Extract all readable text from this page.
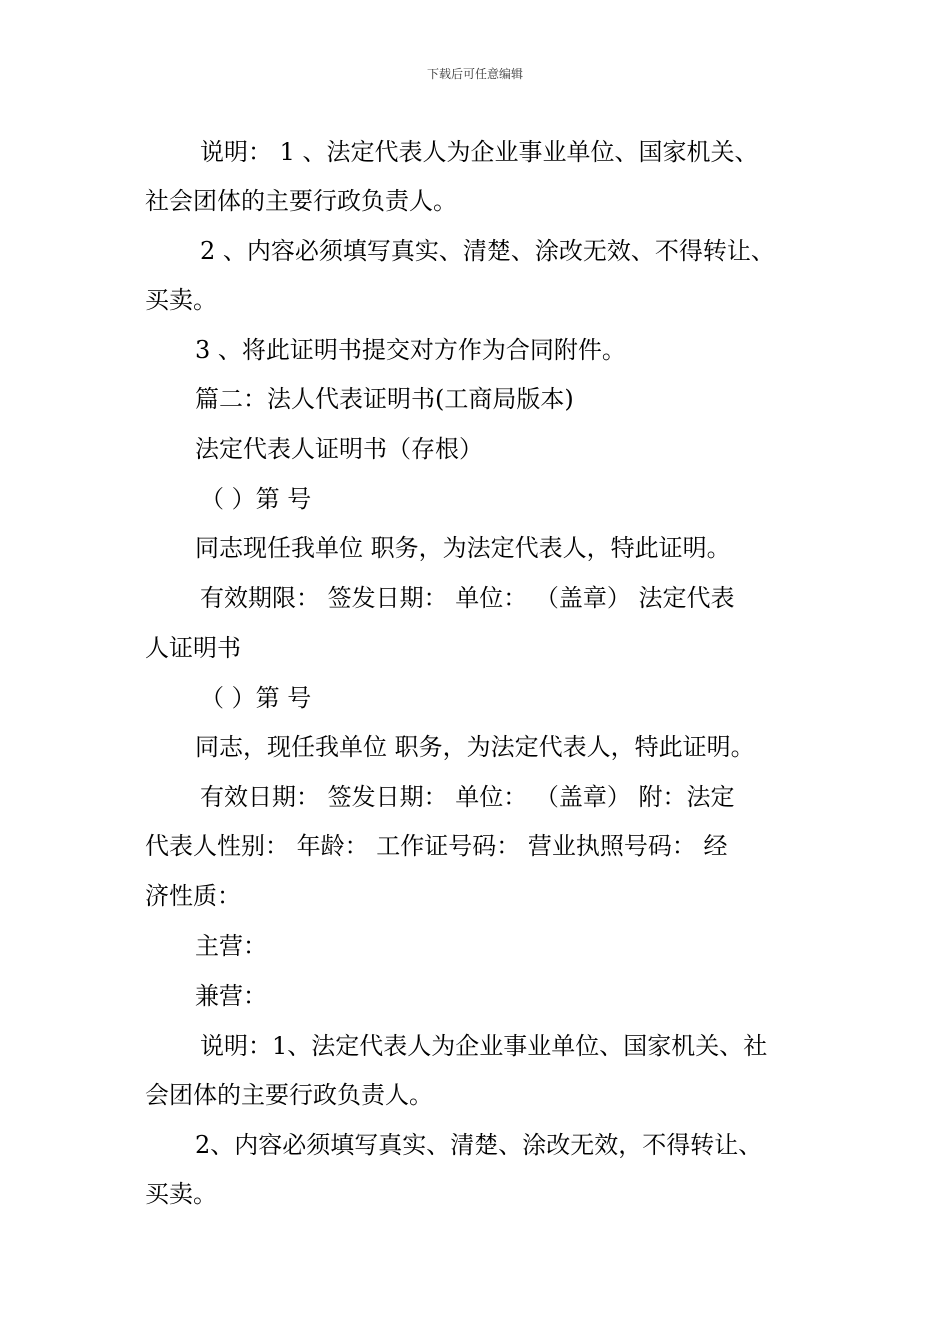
下载后可任意编辑
说明： 1 、法定代表人为企业事业单位、国家机关、
社会团体的主要行政负责人。
2 、内容必须填写真实、清楚、涂改无效、不得转让、
买卖。
3 、将此证明书提交对方作为合同附件。
篇二：法人代表证明书(工商局版本)
法定代表人证明书（存根）
（ ）第 号
同志现任我单位 职务，为法定代表人，特此证明。
有效期限： 签发日期： 单位： （盖章） 法定代表
人证明书
（ ）第 号
同志，现任我单位 职务，为法定代表人，特此证明。
有效日期： 签发日期： 单位： （盖章） 附：法定
代表人性别： 年龄： 工作证号码： 营业执照号码： 经
济性质：
主营：
兼营：
说明：1、法定代表人为企业事业单位、国家机关、社
会团体的主要行政负责人。
2、内容必须填写真实、清楚、涂改无效，不得转让、
买卖。
